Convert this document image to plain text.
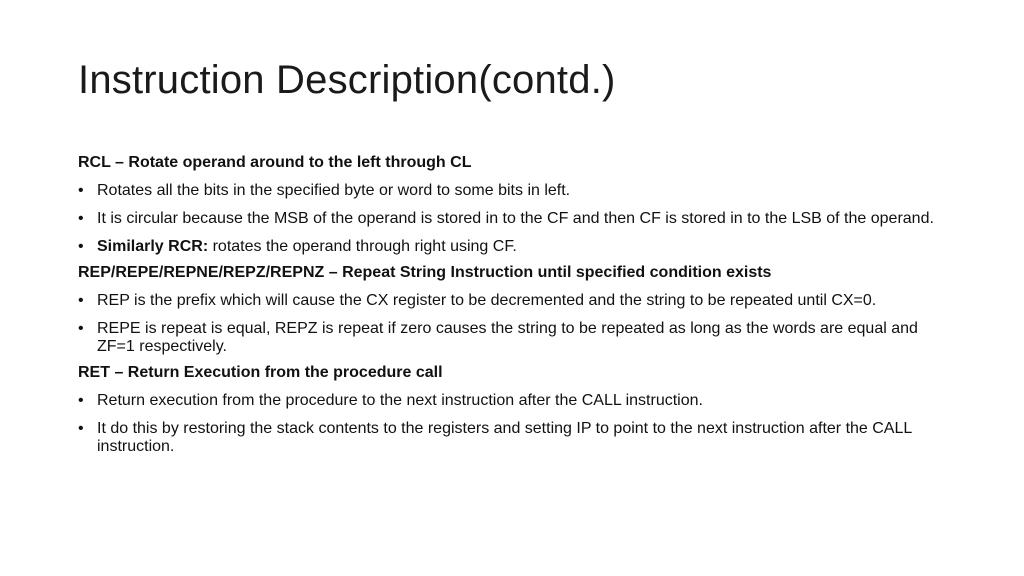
Instruction Description(contd.)
RCL – Rotate operand around to the left through CL
• Rotates all the bits in the specified byte or word to some bits in left.
• It is circular because the MSB of the operand is stored in to the CF and then CF is stored in to the LSB of the operand.
• Similarly RCR: rotates the operand through right using CF.
REP/REPE/REPNE/REPZ/REPNZ – Repeat String Instruction until specified condition exists
• REP is the prefix which will cause the CX register to be decremented and the string to be repeated until CX=0.
• REPE is repeat is equal, REPZ is repeat if zero causes the string to be repeated as long as the words are equal and ZF=1 respectively.
RET – Return Execution from the procedure call
• Return execution from the procedure to the next instruction after the CALL instruction.
• It do this by restoring the stack contents to the registers and setting IP to point to the next instruction after the CALL instruction.
